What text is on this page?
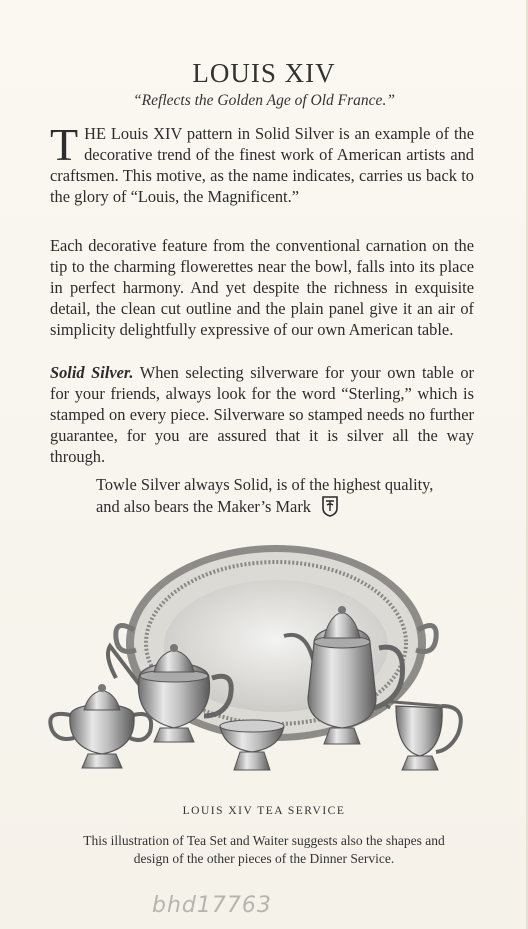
LOUIS XIV
“Reflects the Golden Age of Old France.”
THE Louis XIV pattern in Solid Silver is an example of the decorative trend of the finest work of American artists and craftsmen. This motive, as the name indicates, carries us back to the glory of “Louis, the Magnificent.”
Each decorative feature from the conventional carnation on the tip to the charming flowerettes near the bowl, falls into its place in perfect harmony. And yet despite the richness in exquisite detail, the clean cut outline and the plain panel give it an air of simplicity delightfully expressive of our own American table.
Solid Silver. When selecting silverware for your own table or for your friends, always look for the word “Sterling,” which is stamped on every piece. Silverware so stamped needs no further guarantee, for you are assured that it is silver all the way through.
Towle Silver always Solid, is of the highest quality, and also bears the Maker’s Mark
LOUIS XIV TEA SERVICE
This illustration of Tea Set and Waiter suggests also the shapes and design of the other pieces of the Dinner Service.
bhd17763
